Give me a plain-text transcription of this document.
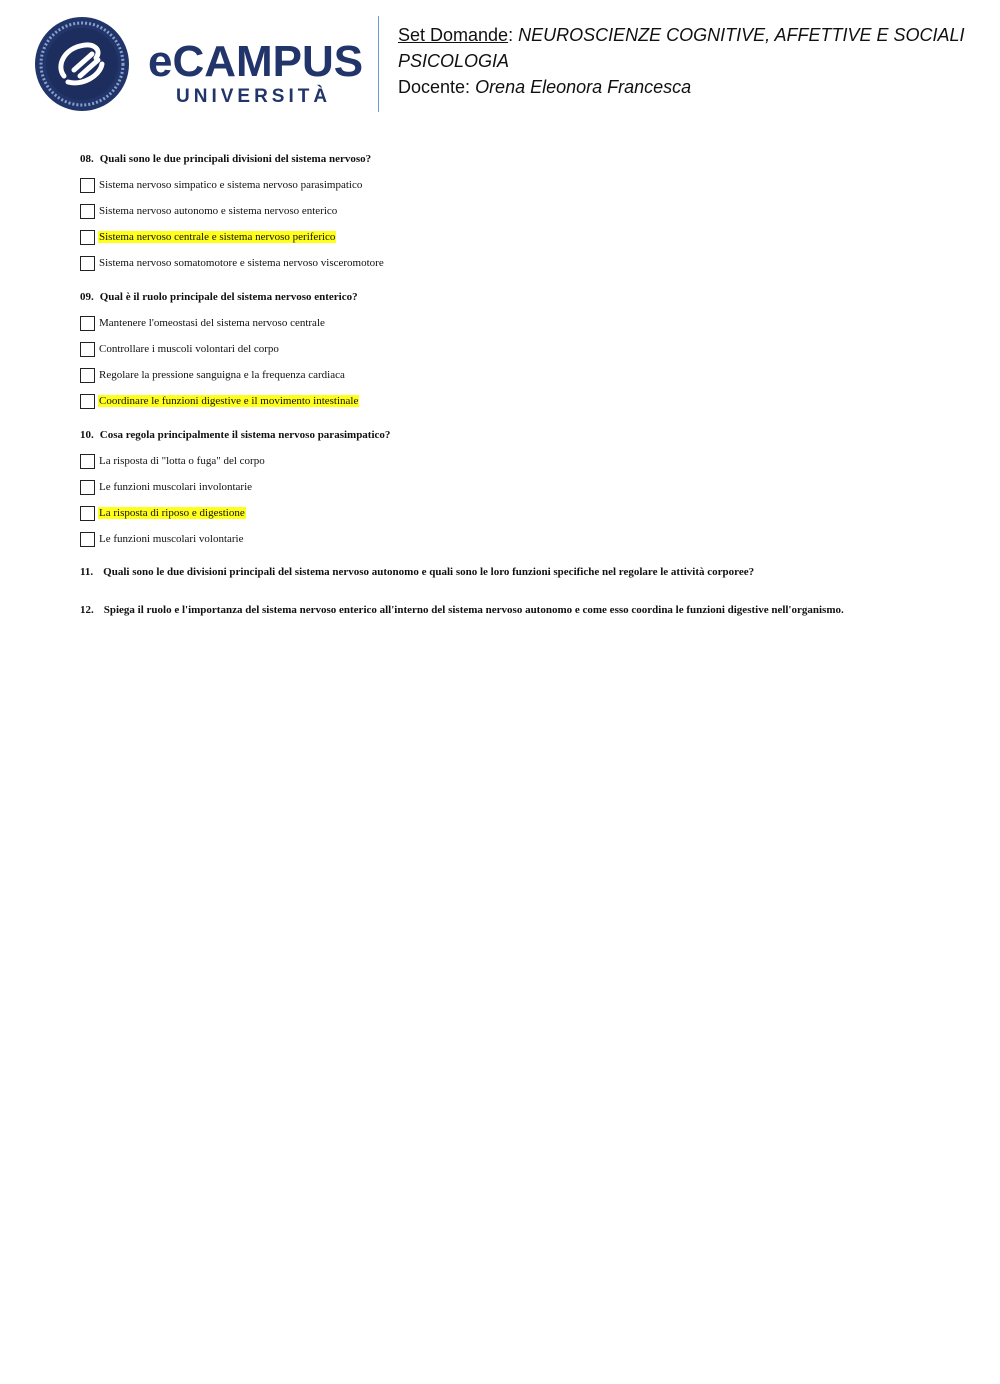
eCAMPUS
UNIVERSITÀ
Set Domande: NEUROSCIENZE COGNITIVE, AFFETTIVE E SOCIALI PSICOLOGIA
Docente: Orena Eleonora Francesca
08. Quali sono le due principali divisioni del sistema nervoso?
Sistema nervoso simpatico e sistema nervoso parasimpatico
Sistema nervoso autonomo e sistema nervoso enterico
Sistema nervoso centrale e sistema nervoso periferico
Sistema nervoso somatomotore e sistema nervoso visceromotore
09. Qual è il ruolo principale del sistema nervoso enterico?
Mantenere l'omeostasi del sistema nervoso centrale
Controllare i muscoli volontari del corpo
Regolare la pressione sanguigna e la frequenza cardiaca
Coordinare le funzioni digestive e il movimento intestinale
10. Cosa regola principalmente il sistema nervoso parasimpatico?
La risposta di "lotta o fuga" del corpo
Le funzioni muscolari involontarie
La risposta di riposo e digestione
Le funzioni muscolari volontarie
11. Quali sono le due divisioni principali del sistema nervoso autonomo e quali sono le loro funzioni specifiche nel regolare le attività corporee?
12. Spiega il ruolo e l'importanza del sistema nervoso enterico all'interno del sistema nervoso autonomo e come esso coordina le funzioni digestive nell'organismo.
